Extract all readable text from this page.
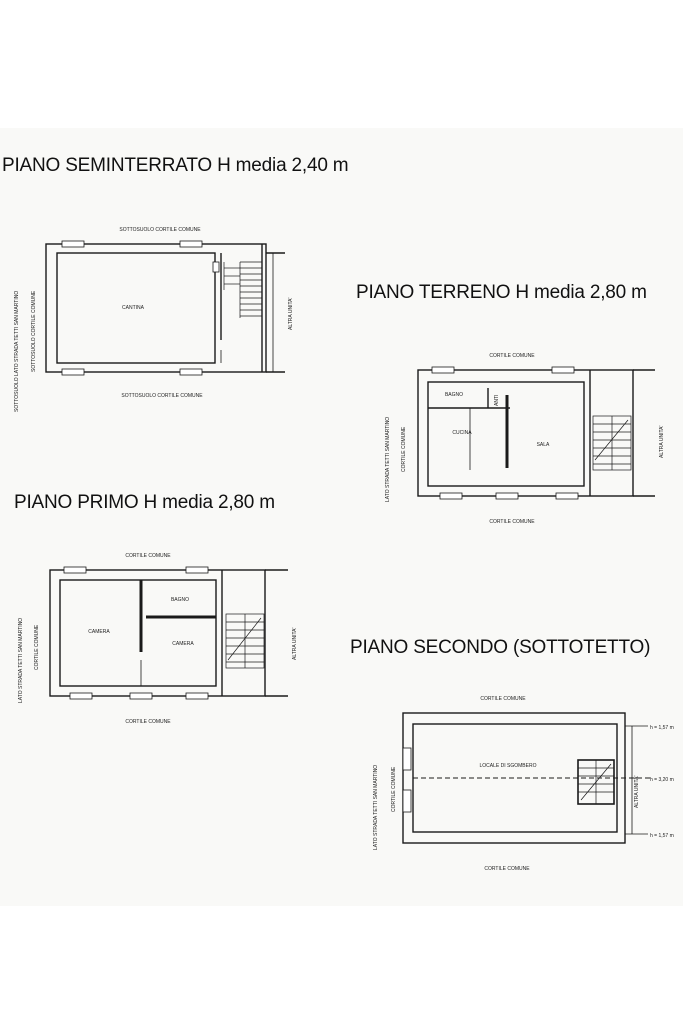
PIANO SEMINTERRATO H media 2,40 m
PIANO TERRENO H media 2,80 m
PIANO PRIMO H media 2,80 m
PIANO SECONDO (SOTTOTETTO)
SOTTOSUOLO CORTILE COMUNE
SOTTOSUOLO CORTILE COMUNE
SOTTOSUOLO LATO STRADA TETTI SAN MARTINO SOTTOSUOLO CORTILE COMUNE	ALTRA UNITA'
CANTINA
CORTILE COMUNE
CORTILE COMUNE
LATO STRADA TETTI SAN MARTINO CORTILE COMUNE	ALTRA UNITA'
BAGNO	ANTI
CUCINA
SALA
CORTILE COMUNE
CORTILE COMUNE
LATO STRADA TETTI SAN MARTINO CORTILE COMUNE	ALTRA UNITA'
BAGNO
CAMERA
CAMERA
CORTILE COMUNE
CORTILE COMUNE
LATO STRADA TETTI SAN MARTINO CORTILE COMUNE	ALTRA UNITA'
LOCALE DI SGOMBERO
h = 1,57 m
h = 3,20 m
h = 1,57 m
